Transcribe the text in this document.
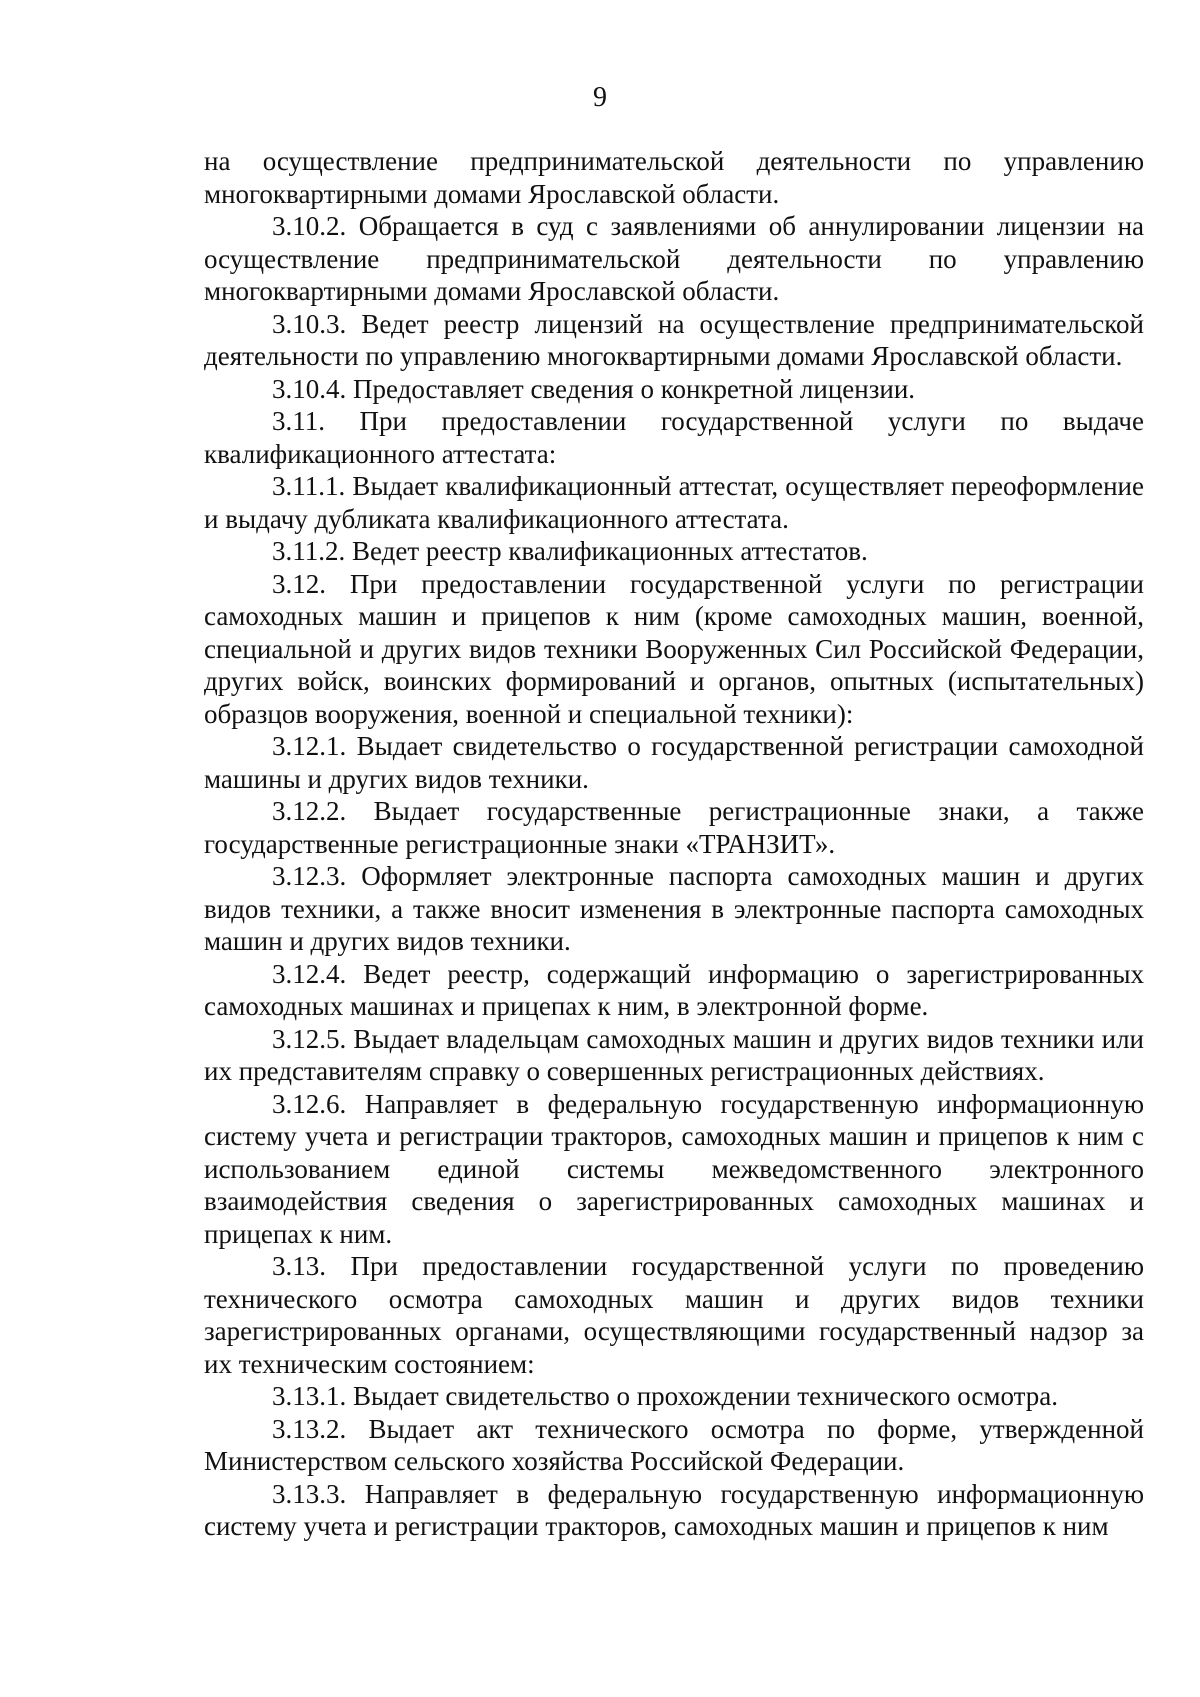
9

на осуществление предпринимательской деятельности по управлению многоквартирными домами Ярославской области.

3.10.2. Обращается в суд с заявлениями об аннулировании лицензии на осуществление предпринимательской деятельности по управлению многоквартирными домами Ярославской области.

3.10.3. Ведет реестр лицензий на осуществление предпринимательской деятельности по управлению многоквартирными домами Ярославской области.

3.10.4. Предоставляет сведения о конкретной лицензии.

3.11. При предоставлении государственной услуги по выдаче квалификационного аттестата:

3.11.1. Выдает квалификационный аттестат, осуществляет переоформление и выдачу дубликата квалификационного аттестата.

3.11.2. Ведет реестр квалификационных аттестатов.

3.12. При предоставлении государственной услуги по регистрации самоходных машин и прицепов к ним (кроме самоходных машин, военной, специальной и других видов техники Вооруженных Сил Российской Федерации, других войск, воинских формирований и органов, опытных (испытательных) образцов вооружения, военной и специальной техники):

3.12.1. Выдает свидетельство о государственной регистрации самоходной машины и других видов техники.

3.12.2. Выдает государственные регистрационные знаки, а также государственные регистрационные знаки «ТРАНЗИТ».

3.12.3. Оформляет электронные паспорта самоходных машин и других видов техники, а также вносит изменения в электронные паспорта самоходных машин и других видов техники.

3.12.4. Ведет реестр, содержащий информацию о зарегистрированных самоходных машинах и прицепах к ним, в электронной форме.

3.12.5. Выдает владельцам самоходных машин и других видов техники или их представителям справку о совершенных регистрационных действиях.

3.12.6. Направляет в федеральную государственную информационную систему учета и регистрации тракторов, самоходных машин и прицепов к ним с использованием единой системы межведомственного электронного взаимодействия сведения о зарегистрированных самоходных машинах и прицепах к ним.

3.13. При предоставлении государственной услуги по проведению технического осмотра самоходных машин и других видов техники зарегистрированных органами, осуществляющими государственный надзор за их техническим состоянием:

3.13.1. Выдает свидетельство о прохождении технического осмотра.

3.13.2. Выдает акт технического осмотра по форме, утвержденной Министерством сельского хозяйства Российской Федерации.

3.13.3. Направляет в федеральную государственную информационную систему учета и регистрации тракторов, самоходных машин и прицепов к ним
